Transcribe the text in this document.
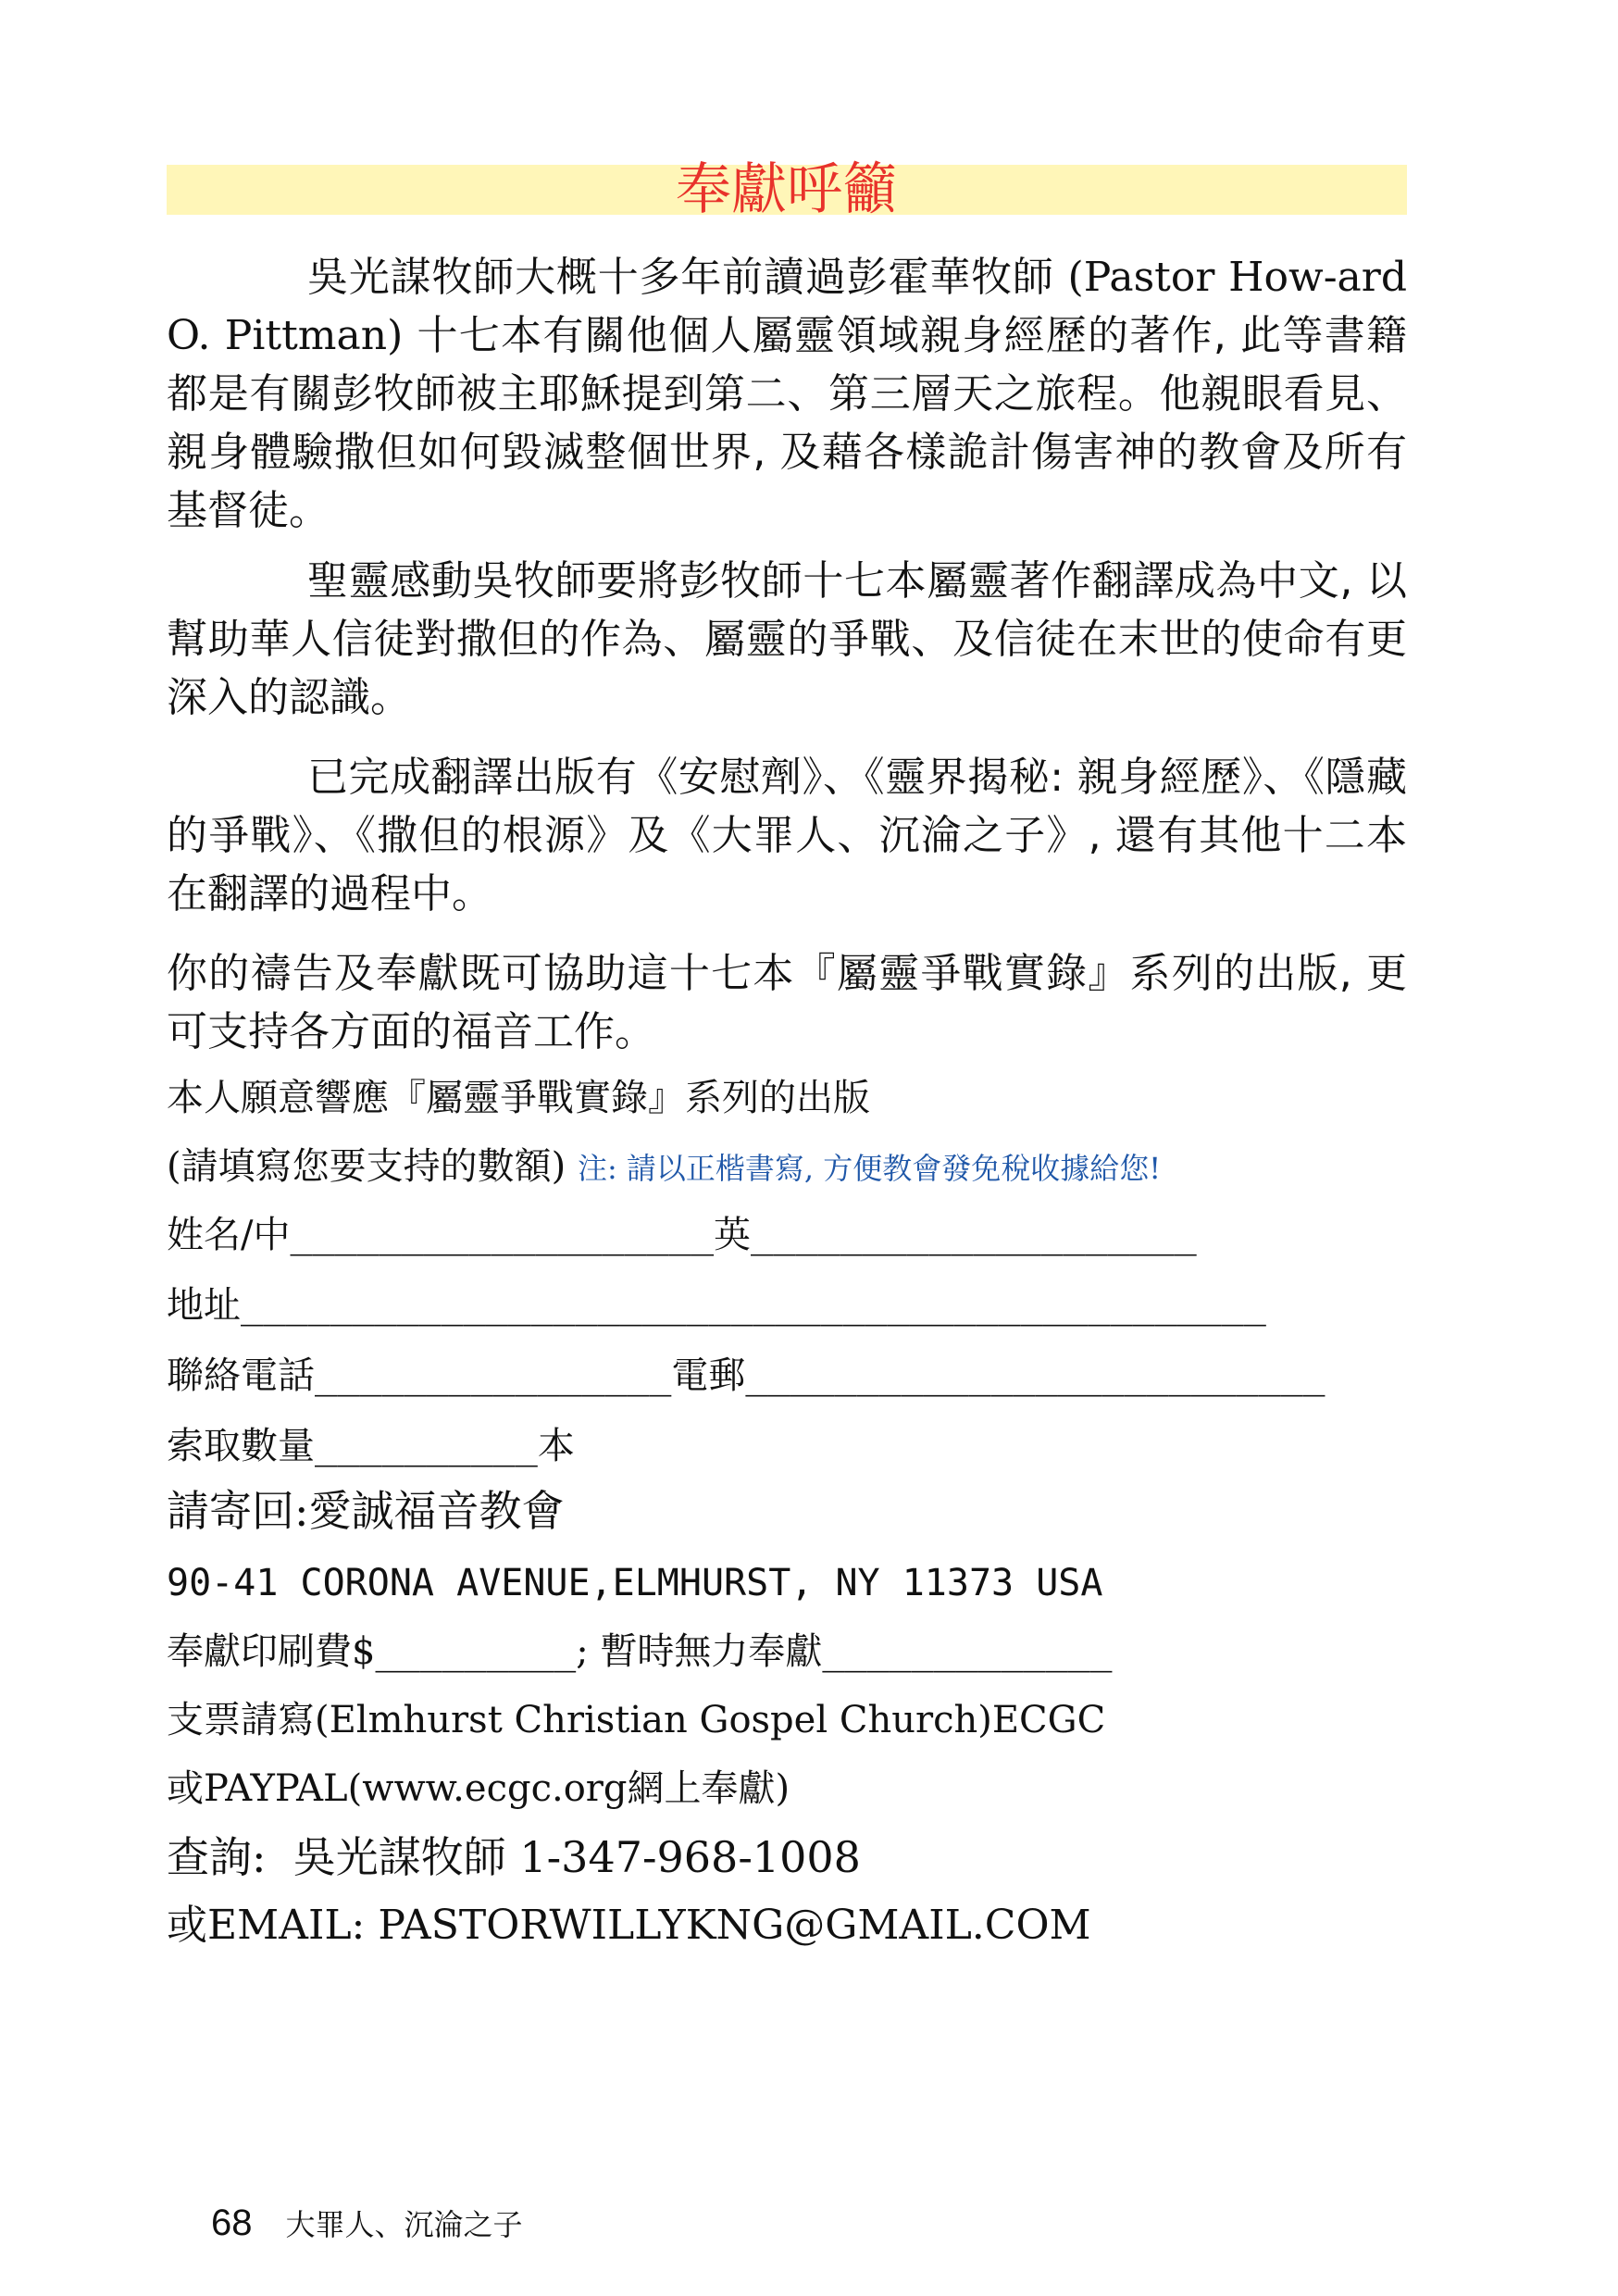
奉獻呼籲

吳光謀牧師大概十多年前讀過彭霍華牧師 (Pastor How-ard O. Pittman) 十七本有關他個人屬靈領域親身經歷的著作, 此等書籍都是有關彭牧師被主耶穌提到第二、第三層天之旅程。他親眼看見、親身體驗撒但如何毀滅整個世界, 及藉各樣詭計傷害神的教會及所有基督徒。

聖靈感動吳牧師要將彭牧師十七本屬靈著作翻譯成為中文, 以幫助華人信徒對撒但的作為、屬靈的爭戰、及信徒在末世的使命有更深入的認識。

已完成翻譯出版有《安慰劑》、《靈界揭秘: 親身經歷》、《隱藏的爭戰》、《撒但的根源》及《大罪人、沉淪之子》, 還有其他十二本在翻譯的過程中。

你的禱告及奉獻既可協助這十七本『屬靈爭戰實錄』系列的出版, 更可支持各方面的福音工作。

本人願意響應『屬靈爭戰實錄』系列的出版
(請填寫您要支持的數額) 注: 請以正楷書寫, 方便教會發免稅收據給您!
姓名/中___________________英____________________
地址______________________________________________
聯絡電話________________電郵__________________________
索取數量__________本
請寄回:愛誠福音教會
90-41 CORONA AVENUE,ELMHURST, NY 11373 USA
奉獻印刷費$_________; 暫時無力奉獻_____________
支票請寫(Elmhurst Christian Gospel Church)ECGC
或PAYPAL(www.ecgc.org網上奉獻)
查詢:  吳光謀牧師 1-347-968-1008
或EMAIL: PASTORWILLYKNG@GMAIL.COM
68 大罪人、沉淪之子
